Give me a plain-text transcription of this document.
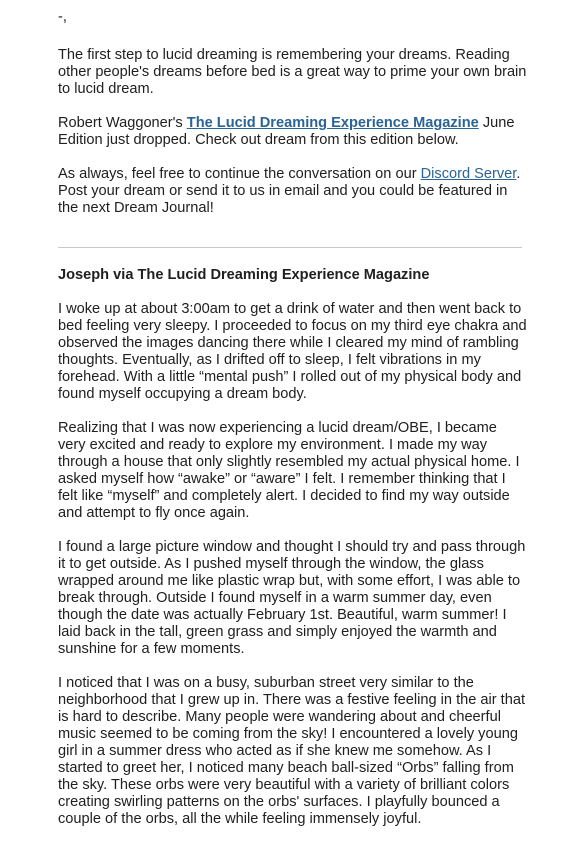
-,

The first step to lucid dreaming is remembering your dreams. Reading other people's dreams before bed is a great way to prime your own brain to lucid dream.

Robert Waggoner's The Lucid Dreaming Experience Magazine June Edition just dropped. Check out dream from this edition below.

As always, feel free to continue the conversation on our Discord Server. Post your dream or send it to us in email and you could be featured in the next Dream Journal!

Joseph via The Lucid Dreaming Experience Magazine

I woke up at about 3:00am to get a drink of water and then went back to bed feeling very sleepy. I proceeded to focus on my third eye chakra and observed the images dancing there while I cleared my mind of rambling thoughts. Eventually, as I drifted off to sleep, I felt vibrations in my forehead. With a little “mental push” I rolled out of my physical body and found myself occupying a dream body.

Realizing that I was now experiencing a lucid dream/OBE, I became very excited and ready to explore my environment. I made my way through a house that only slightly resembled my actual physical home. I asked myself how “awake” or “aware” I felt. I remember thinking that I felt like “myself” and completely alert. I decided to find my way outside and attempt to fly once again.

I found a large picture window and thought I should try and pass through it to get outside. As I pushed myself through the window, the glass wrapped around me like plastic wrap but, with some effort, I was able to break through. Outside I found myself in a warm summer day, even though the date was actually February 1st. Beautiful, warm summer! I laid back in the tall, green grass and simply enjoyed the warmth and sunshine for a few moments.

I noticed that I was on a busy, suburban street very similar to the neighborhood that I grew up in. There was a festive feeling in the air that is hard to describe. Many people were wandering about and cheerful music seemed to be coming from the sky! I encountered a lovely young girl in a summer dress who acted as if she knew me somehow. As I started to greet her, I noticed many beach ball-sized “Orbs” falling from the sky. These orbs were very beautiful with a variety of brilliant colors creating swirling patterns on the orbs' surfaces. I playfully bounced a couple of the orbs, all the while feeling immensely joyful.
